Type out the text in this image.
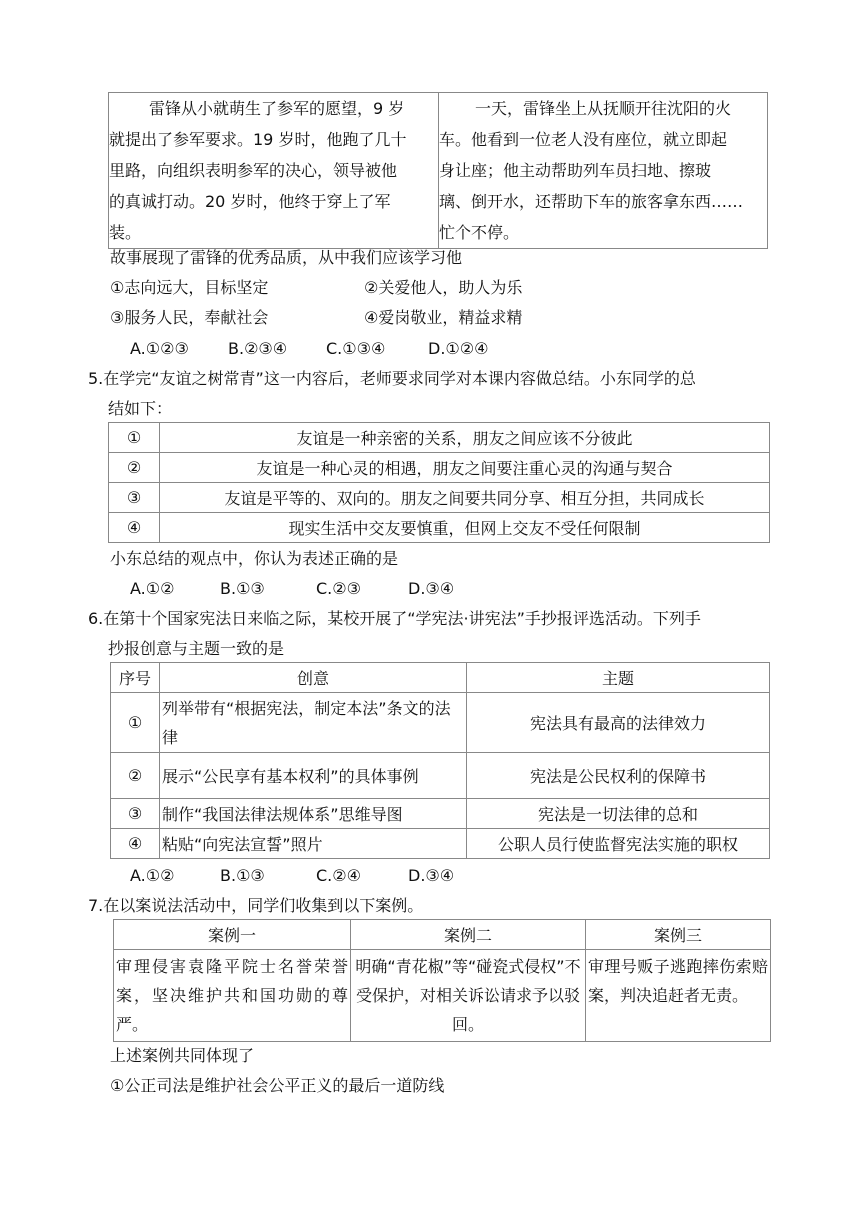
雷锋从小就萌生了参军的愿望，9 岁
就提出了参军要求。19 岁时，他跑了几十
里路，向组织表明参军的决心，领导被他
的真诚打动。20 岁时，他终于穿上了军
装。

一天，雷锋坐上从抚顺开往沈阳的火
车。他看到一位老人没有座位，就立即起
身让座；他主动帮助列车员扫地、擦玻
璃、倒开水，还帮助下车的旅客拿东西……
忙个不停。
故事展现了雷锋的优秀品质，从中我们应该学习他
①志向远大，目标坚定	②关爱他人，助人为乐
③服务人民，奉献社会	④爱岗敬业，精益求精
A.①②③ B.②③④ C.①③④	D.①②④
5.在学完“友谊之树常青”这一内容后，老师要求同学对本课内容做总结。小东同学的总
结如下：
①	友谊是一种亲密的关系，朋友之间应该不分彼此
②	友谊是一种心灵的相遇，朋友之间要注重心灵的沟通与契合
③	友谊是平等的、双向的。朋友之间要共同分享、相互分担，共同成长
④	现实生活中交友要慎重，但网上交友不受任何限制
小东总结的观点中，你认为表述正确的是
A.①②	B.①③	C.②③	D.③④
6.在第十个国家宪法日来临之际，某校开展了“学宪法·讲宪法”手抄报评选活动。下列手
抄报创意与主题一致的是
序号	创意	主题
①	列举带有“根据宪法，制定本法”条文的法律	宪法具有最高的法律效力
②	展示“公民享有基本权利”的具体事例	宪法是公民权利的保障书
③	制作“我国法律法规体系”思维导图	宪法是一切法律的总和
④	粘贴“向宪法宣誓”照片	公职人员行使监督宪法实施的职权
A.①②	B.①③	C.②④	D.③④
7.在以案说法活动中，同学们收集到以下案例。
案例一	案例二	案例三
审理侵害袁隆平院士名誉荣誉案，坚决维护共和国功勋的尊严。	明确“青花椒”等“碰瓷式侵权”不受保护，对相关诉讼请求予以驳回。	审理号贩子逃跑摔伤索赔案，判决追赶者无责。
上述案例共同体现了
①公正司法是维护社会公平正义的最后一道防线
